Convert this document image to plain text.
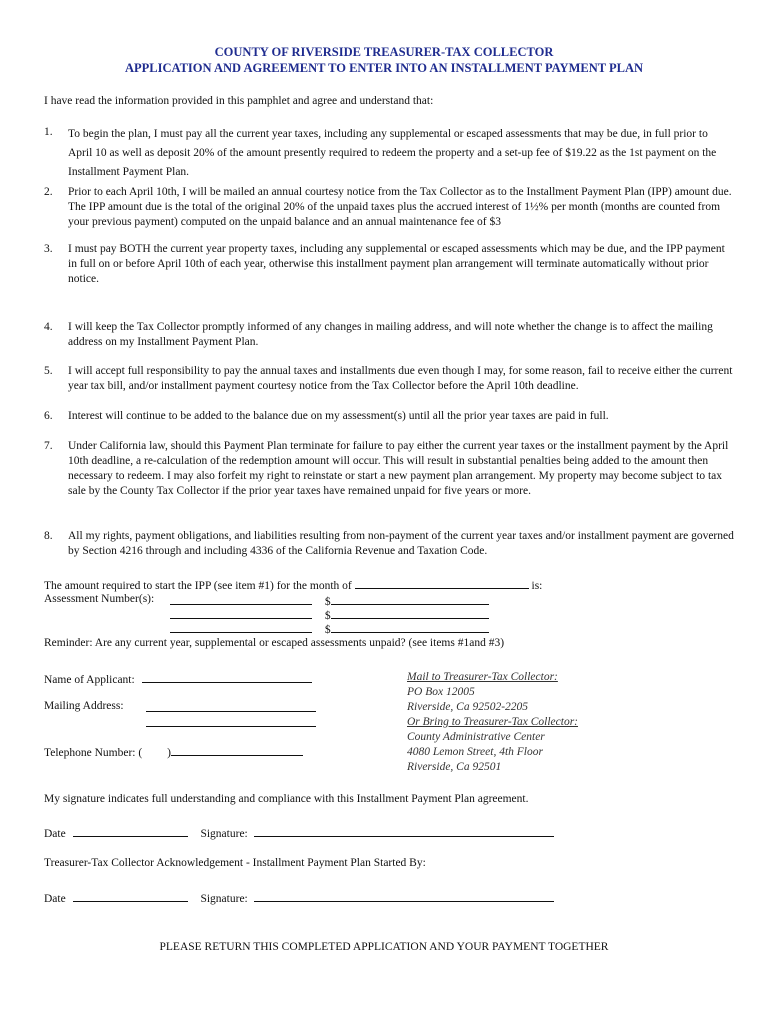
COUNTY OF RIVERSIDE TREASURER-TAX COLLECTOR
APPLICATION AND AGREEMENT TO ENTER INTO AN INSTALLMENT PAYMENT PLAN
I have read the information provided in this pamphlet and agree and understand that:
1.	To begin the plan, I must pay all the current year taxes, including any supplemental or escaped assessments that may be due, in full prior to April 10 as well as deposit 20% of the amount presently required to redeem the property and a set-up fee of $19.22 as the 1st payment on the Installment Payment Plan.
2.	Prior to each April 10th, I will be mailed an annual courtesy notice from the Tax Collector as to the Installment Payment Plan (IPP) amount due. The IPP amount due is the total of the original 20% of the unpaid taxes plus the accrued interest of 1½% per month (months are counted from your previous payment) computed on the unpaid balance and an annual maintenance fee of $3
3.	I must pay BOTH the current year property taxes, including any supplemental or escaped assessments which may be due, and the IPP payment in full on or before April 10th of each year, otherwise this installment payment plan arrangement will terminate automatically without prior notice.
4.	I will keep the Tax Collector promptly informed of any changes in mailing address, and will note whether the change is to affect the mailing address on my Installment Payment Plan.
5.	I will accept full responsibility to pay the annual taxes and installments due even though I may, for some reason, fail to receive either the current year tax bill, and/or installment payment courtesy notice from the Tax Collector before the April 10th deadline.
6.	Interest will continue to be added to the balance due on my assessment(s) until all the prior year taxes are paid in full.
7.	Under California law, should this Payment Plan terminate for failure to pay either the current year taxes or the installment payment by the April 10th deadline, a re-calculation of the redemption amount will occur. This will result in substantial penalties being added to the amount then necessary to redeem. I may also forfeit my right to reinstate or start a new payment plan arrangement. My property may become subject to tax sale by the County Tax Collector if the prior year taxes have remained unpaid for five years or more.
8.	All my rights, payment obligations, and liabilities resulting from non-payment of the current year taxes and/or installment payment are governed by Section 4216 through and including 4336 of the California Revenue and Taxation Code.
The amount required to start the IPP (see item #1) for the month of	is:
Assessment Number(s):	$
$
$
Reminder: Are any current year, supplemental or escaped assessments unpaid? (see items #1and #3)
Name of Applicant:
Mailing Address:
Telephone Number: ( )
Mail to Treasurer-Tax Collector:
PO Box 12005
Riverside, Ca 92502-2205
Or Bring to Treasurer-Tax Collector:
County Administrative Center
4080 Lemon Street, 4th Floor
Riverside, Ca 92501
My signature indicates full understanding and compliance with this Installment Payment Plan agreement.
Date	Signature:
Treasurer-Tax Collector Acknowledgement - Installment Payment Plan Started By:
Date	Signature:
PLEASE RETURN THIS COMPLETED APPLICATION AND YOUR PAYMENT TOGETHER
